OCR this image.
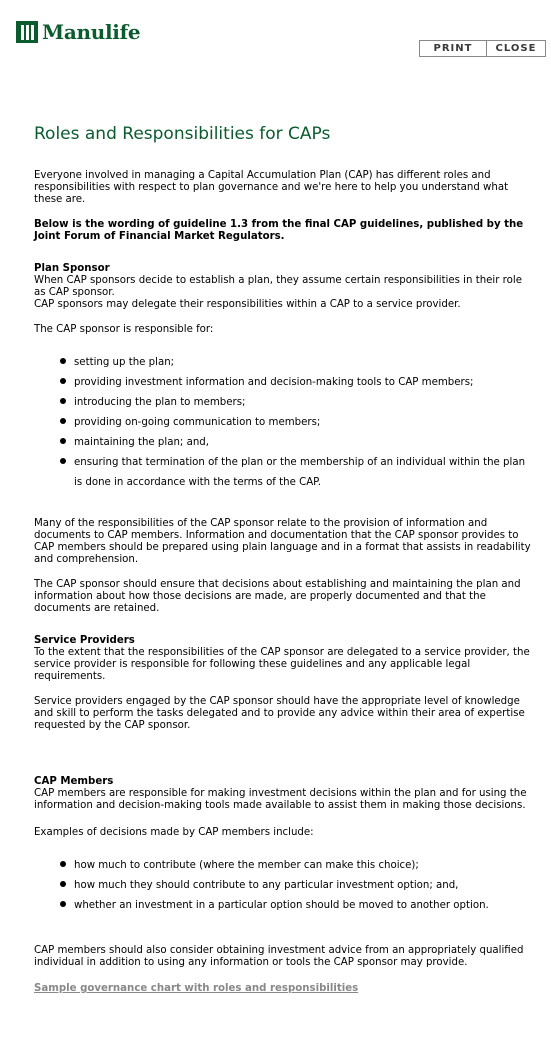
Manulife
PRINT	CLOSE
Roles and Responsibilities for CAPs

Everyone involved in managing a Capital Accumulation Plan (CAP) has different roles and responsibilities with respect to plan governance and we're here to help you understand what these are.

Below is the wording of guideline 1.3 from the final CAP guidelines, published by the Joint Forum of Financial Market Regulators.

Plan Sponsor

When CAP sponsors decide to establish a plan, they assume certain responsibilities in their role as CAP sponsor.

CAP sponsors may delegate their responsibilities within a CAP to a service provider.

The CAP sponsor is responsible for:

setting up the plan;
providing investment information and decision-making tools to CAP members;
introducing the plan to members;
providing on-going communication to members;
maintaining the plan; and,
ensuring that termination of the plan or the membership of an individual within the plan is done in accordance with the terms of the CAP.

Many of the responsibilities of the CAP sponsor relate to the provision of information and documents to CAP members. Information and documentation that the CAP sponsor provides to CAP members should be prepared using plain language and in a format that assists in readability and comprehension.

The CAP sponsor should ensure that decisions about establishing and maintaining the plan and information about how those decisions are made, are properly documented and that the documents are retained.

Service Providers

To the extent that the responsibilities of the CAP sponsor are delegated to a service provider, the service provider is responsible for following these guidelines and any applicable legal requirements.

Service providers engaged by the CAP sponsor should have the appropriate level of knowledge and skill to perform the tasks delegated and to provide any advice within their area of expertise requested by the CAP sponsor.

CAP Members

CAP members are responsible for making investment decisions within the plan and for using the information and decision-making tools made available to assist them in making those decisions.

Examples of decisions made by CAP members include:

how much to contribute (where the member can make this choice);
how much they should contribute to any particular investment option; and,
whether an investment in a particular option should be moved to another option.

CAP members should also consider obtaining investment advice from an appropriately qualified individual in addition to using any information or tools the CAP sponsor may provide.

Sample governance chart with roles and responsibilities
